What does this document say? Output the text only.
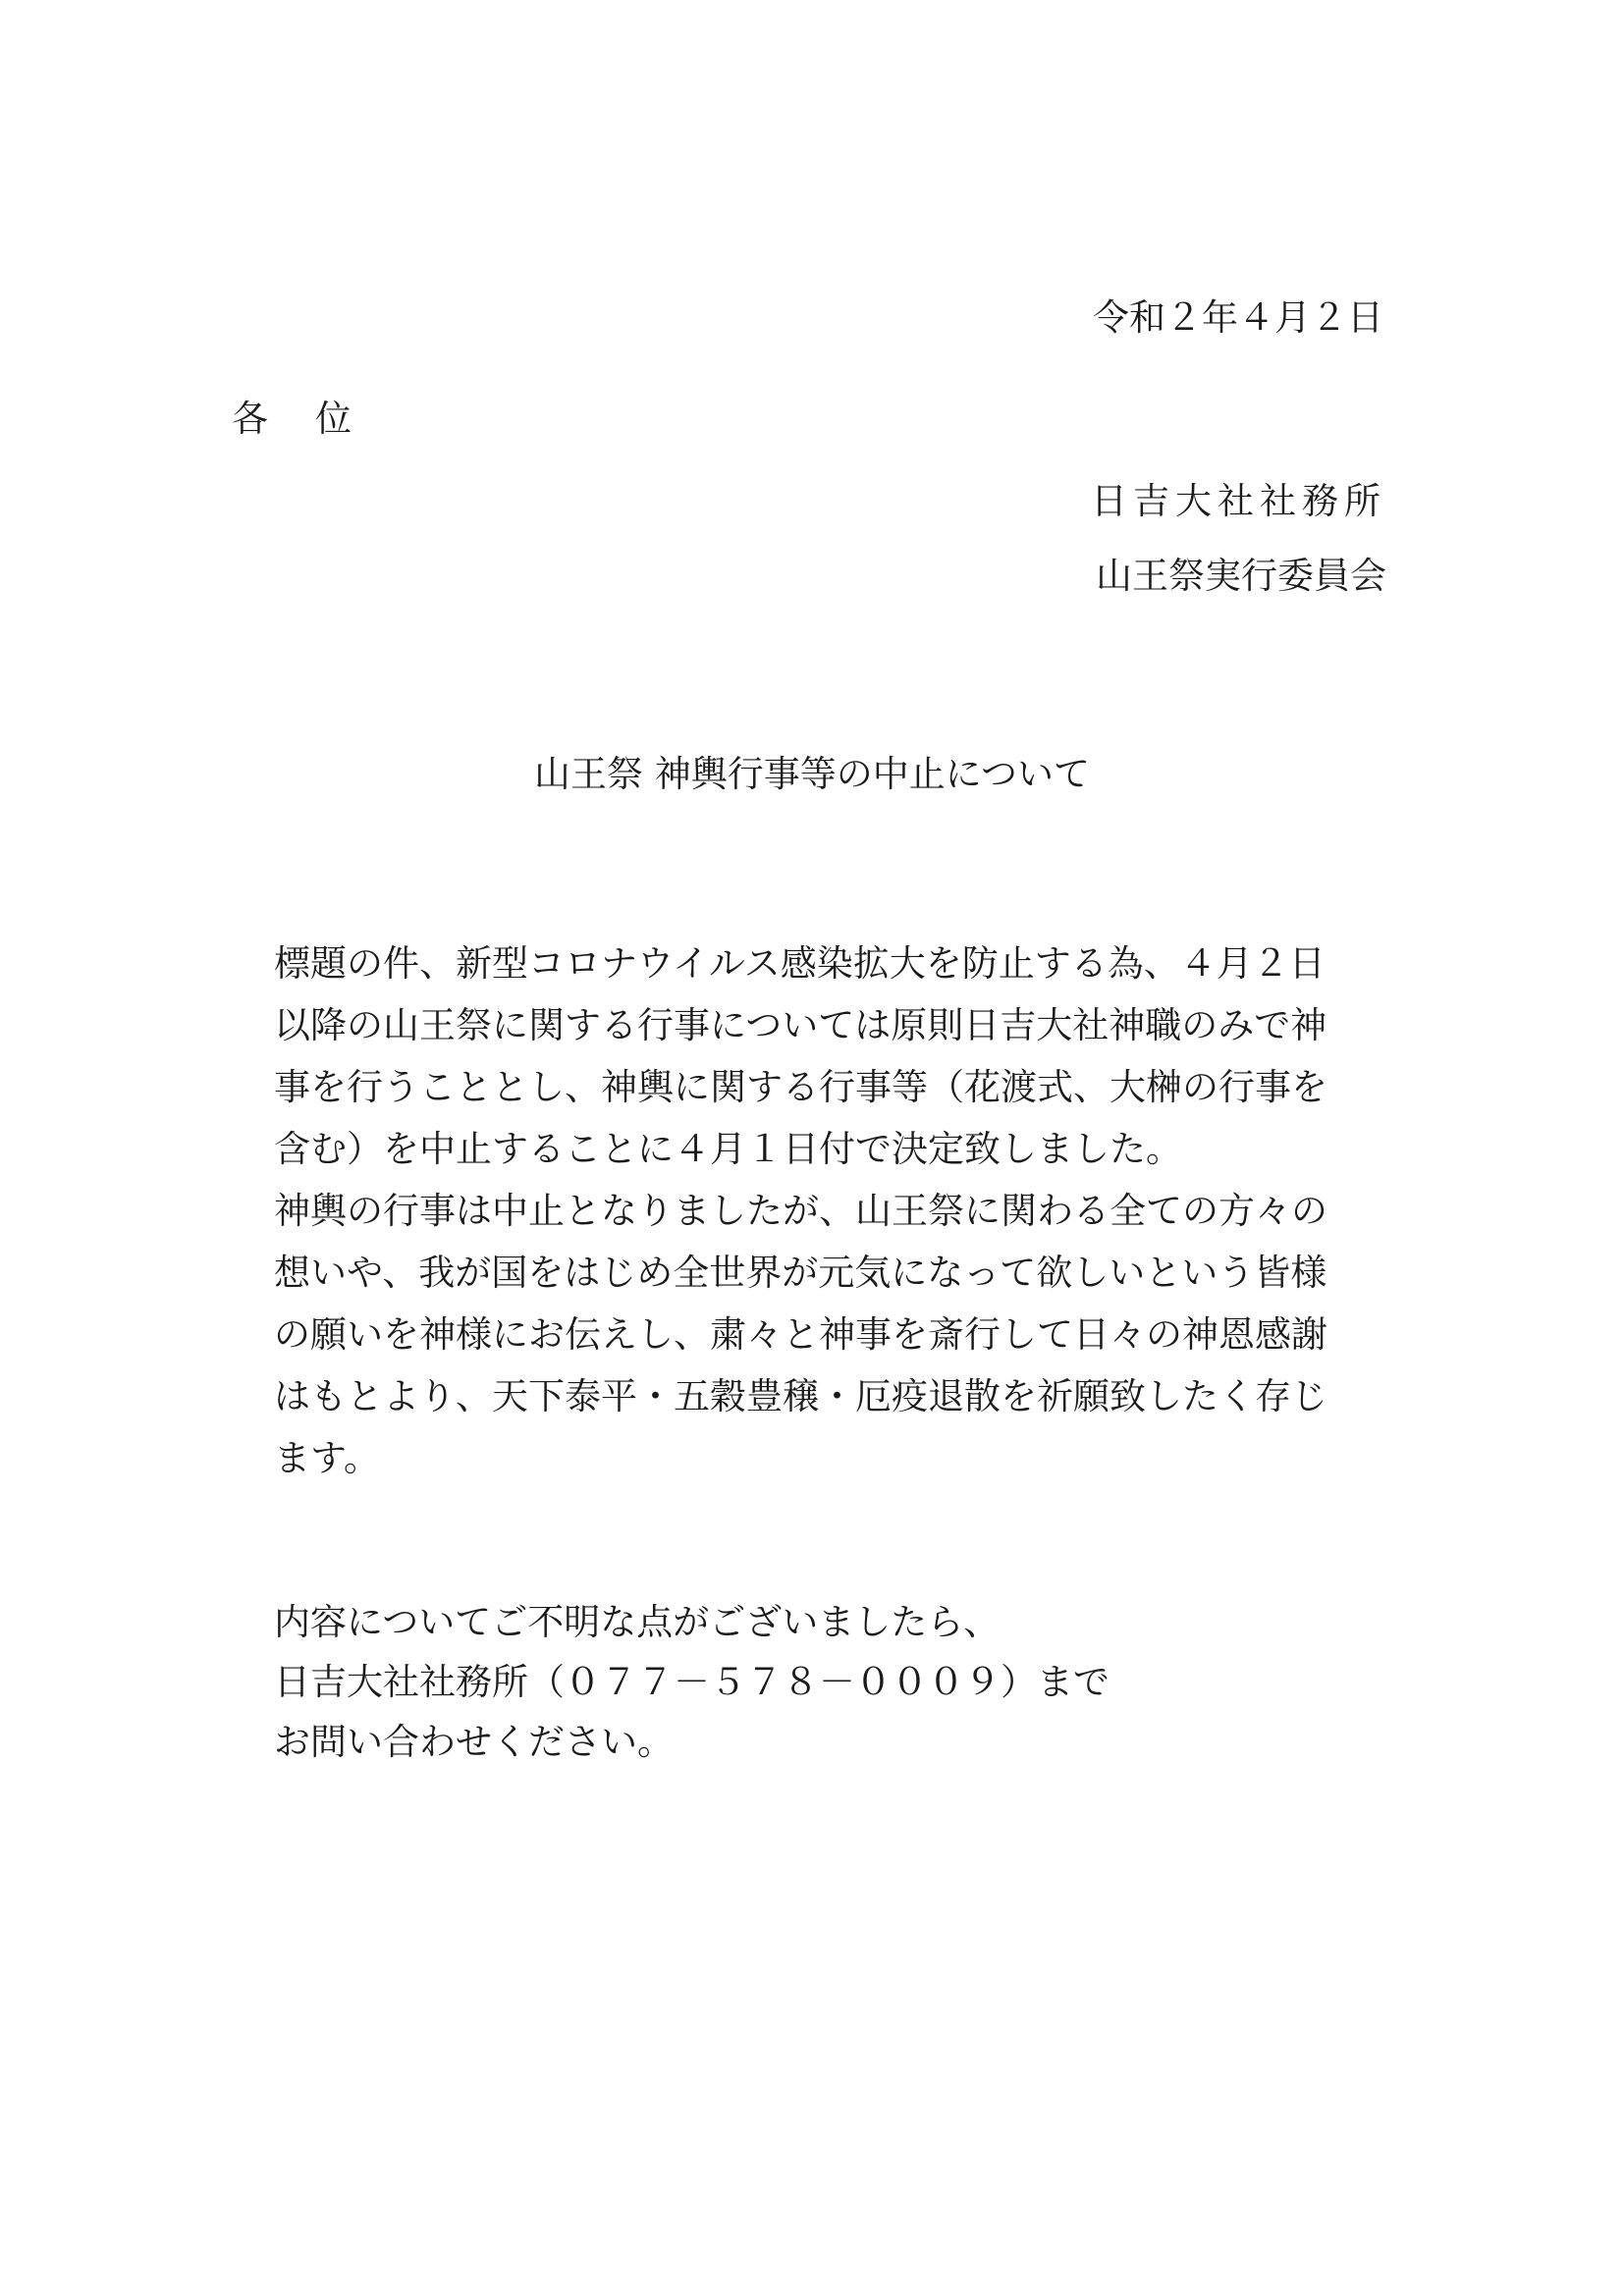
令和２年４月２日
各位
日吉大社社務所
山王祭実行委員会
山王祭 神輿行事等の中止について
標題の件、新型コロナウイルス感染拡大を防止する為、４月２日
以降の山王祭に関する行事については原則日吉大社神職のみで神
事を行うこととし、神輿に関する行事等（花渡式、大榊の行事を
含む）を中止することに４月１日付で決定致しました。
神輿の行事は中止となりましたが、山王祭に関わる全ての方々の
想いや、我が国をはじめ全世界が元気になって欲しいという皆様
の願いを神様にお伝えし、粛々と神事を斎行して日々の神恩感謝
はもとより、天下泰平・五穀豊穣・厄疫退散を祈願致したく存じ
ます。
内容についてご不明な点がございましたら、
日吉大社社務所（０７７－５７８－０００９）まで
お問い合わせください。
